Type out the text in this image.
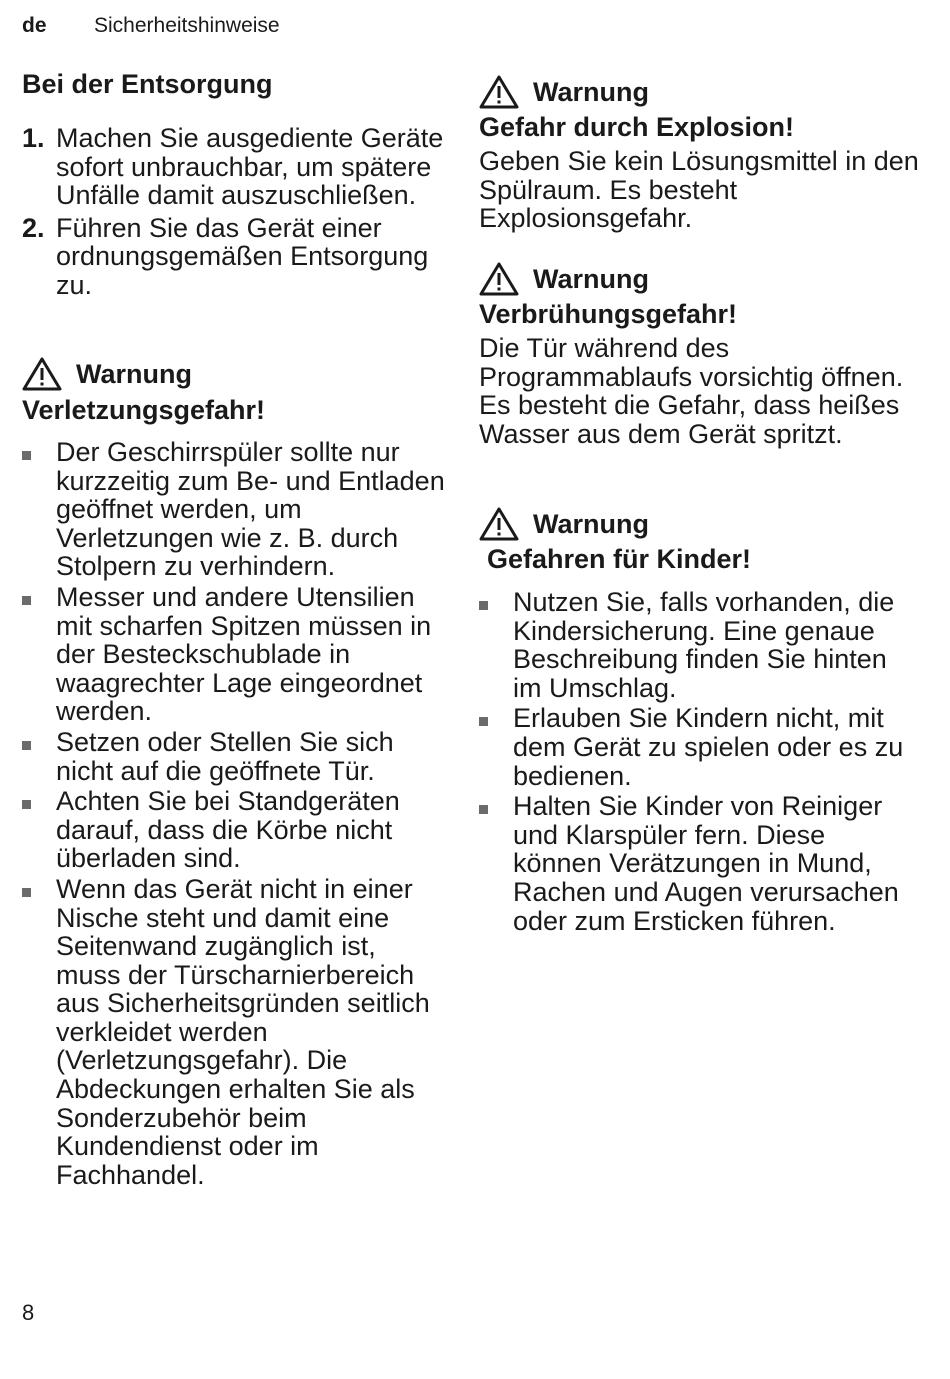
de Sicherheitshinweise
Bei der Entsorgung
1. Machen Sie ausgediente Geräte sofort unbrauchbar, um spätere Unfälle damit auszuschließen.
2. Führen Sie das Gerät einer ordnungsgemäßen Entsorgung zu.
Warnung
Verletzungsgefahr!
Der Geschirrspüler sollte nur kurzzeitig zum Be- und Entladen geöffnet werden, um Verletzungen wie z. B. durch Stolpern zu verhindern.
Messer und andere Utensilien mit scharfen Spitzen müssen in der Besteckschublade in waagrechter Lage eingeordnet werden.
Setzen oder Stellen Sie sich nicht auf die geöffnete Tür.
Achten Sie bei Standgeräten darauf, dass die Körbe nicht überladen sind.
Wenn das Gerät nicht in einer Nische steht und damit eine Seitenwand zugänglich ist, muss der Türscharnierbereich aus Sicherheitsgründen seitlich verkleidet werden (Verletzungsgefahr). Die Abdeckungen erhalten Sie als Sonderzubehör beim Kundendienst oder im Fachhandel.
Warnung
Gefahr durch Explosion!
Geben Sie kein Lösungsmittel in den Spülraum. Es besteht Explosionsgefahr.
Warnung
Verbrühungsgefahr!
Die Tür während des Programmablaufs vorsichtig öffnen. Es besteht die Gefahr, dass heißes Wasser aus dem Gerät spritzt.
Warnung
Gefahren für Kinder!
Nutzen Sie, falls vorhanden, die Kindersicherung. Eine genaue Beschreibung finden Sie hinten im Umschlag.
Erlauben Sie Kindern nicht, mit dem Gerät zu spielen oder es zu bedienen.
Halten Sie Kinder von Reiniger und Klarspüler fern. Diese können Verätzungen in Mund, Rachen und Augen verursachen oder zum Ersticken führen.
8
